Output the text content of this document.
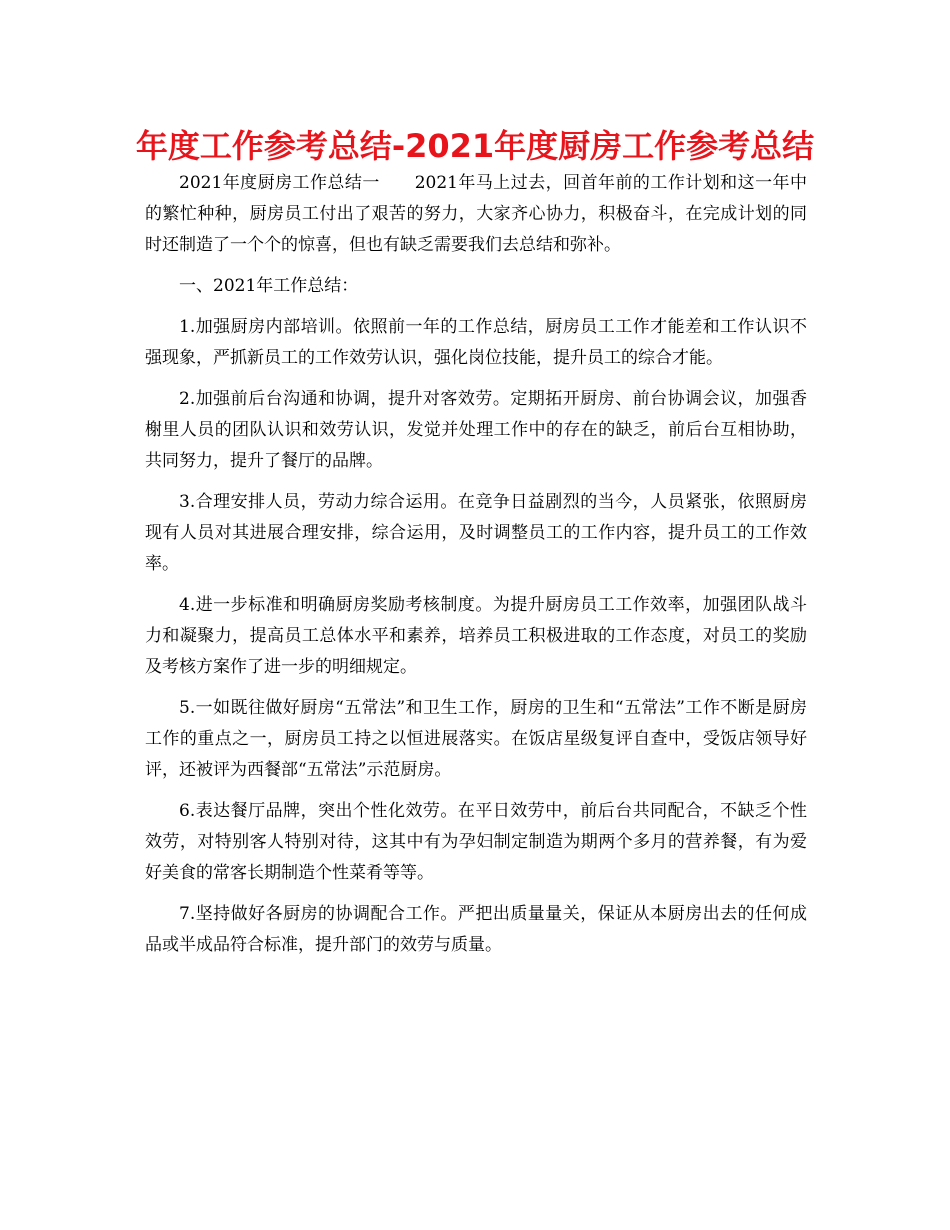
年度工作参考总结-2021年度厨房工作参考总结

2021年度厨房工作总结一　　2021年马上过去，回首年前的工作计划和这一年中的繁忙种种，厨房员工付出了艰苦的努力，大家齐心协力，积极奋斗，在完成计划的同时还制造了一个个的惊喜，但也有缺乏需要我们去总结和弥补。

一、2021年工作总结：

1.加强厨房内部培训。依照前一年的工作总结，厨房员工工作才能差和工作认识不强现象，严抓新员工的工作效劳认识，强化岗位技能，提升员工的综合才能。

2.加强前后台沟通和协调，提升对客效劳。定期拓开厨房、前台协调会议，加强香榭里人员的团队认识和效劳认识，发觉并处理工作中的存在的缺乏，前后台互相协助，共同努力，提升了餐厅的品牌。

3.合理安排人员，劳动力综合运用。在竞争日益剧烈的当今，人员紧张，依照厨房现有人员对其进展合理安排，综合运用，及时调整员工的工作内容，提升员工的工作效率。

4.进一步标准和明确厨房奖励考核制度。为提升厨房员工工作效率，加强团队战斗力和凝聚力，提高员工总体水平和素养，培养员工积极进取的工作态度，对员工的奖励及考核方案作了进一步的明细规定。

5.一如既往做好厨房“五常法”和卫生工作，厨房的卫生和“五常法”工作不断是厨房工作的重点之一，厨房员工持之以恒进展落实。在饭店星级复评自查中，受饭店领导好评，还被评为西餐部“五常法”示范厨房。

6.表达餐厅品牌，突出个性化效劳。在平日效劳中，前后台共同配合，不缺乏个性效劳，对特别客人特别对待，这其中有为孕妇制定制造为期两个多月的营养餐，有为爱好美食的常客长期制造个性菜肴等等。

7.坚持做好各厨房的协调配合工作。严把出质量量关，保证从本厨房出去的任何成品或半成品符合标准，提升部门的效劳与质量。
